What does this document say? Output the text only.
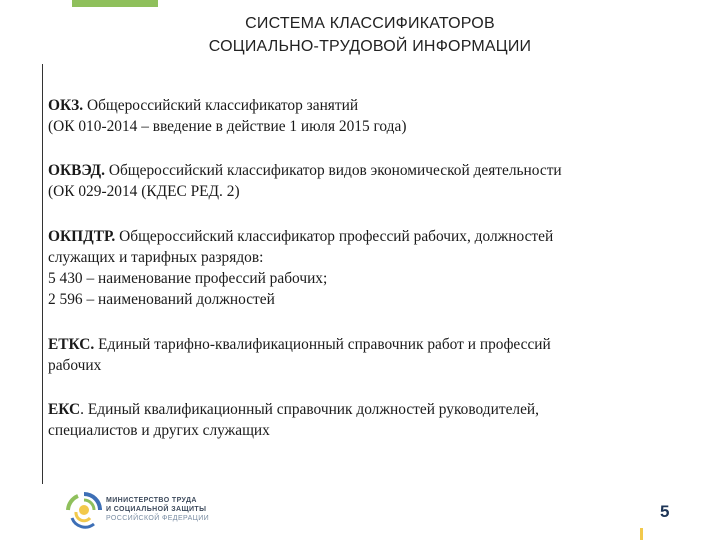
СИСТЕМА КЛАССИФИКАТОРОВ
СОЦИАЛЬНО-ТРУДОВОЙ ИНФОРМАЦИИ
ОКЗ. Общероссийский классификатор занятий
(ОК 010-2014 – введение в действие 1 июля 2015 года)
ОКВЭД. Общероссийский классификатор видов экономической деятельности
(ОК 029-2014 (КДЕС РЕД. 2)
ОКПДТР. Общероссийский классификатор профессий рабочих, должностей
служащих и тарифных разрядов:
5 430 – наименование профессий рабочих;
2 596 – наименований должностей
ЕТКС. Единый тарифно-квалификационный справочник работ и профессий
рабочих
ЕКС. Единый квалификационный справочник должностей руководителей,
специалистов и других служащих
МИНИСТЕРСТВО ТРУДА
И СОЦИАЛЬНОЙ ЗАЩИТЫ
РОССИЙСКОЙ ФЕДЕРАЦИИ	5
